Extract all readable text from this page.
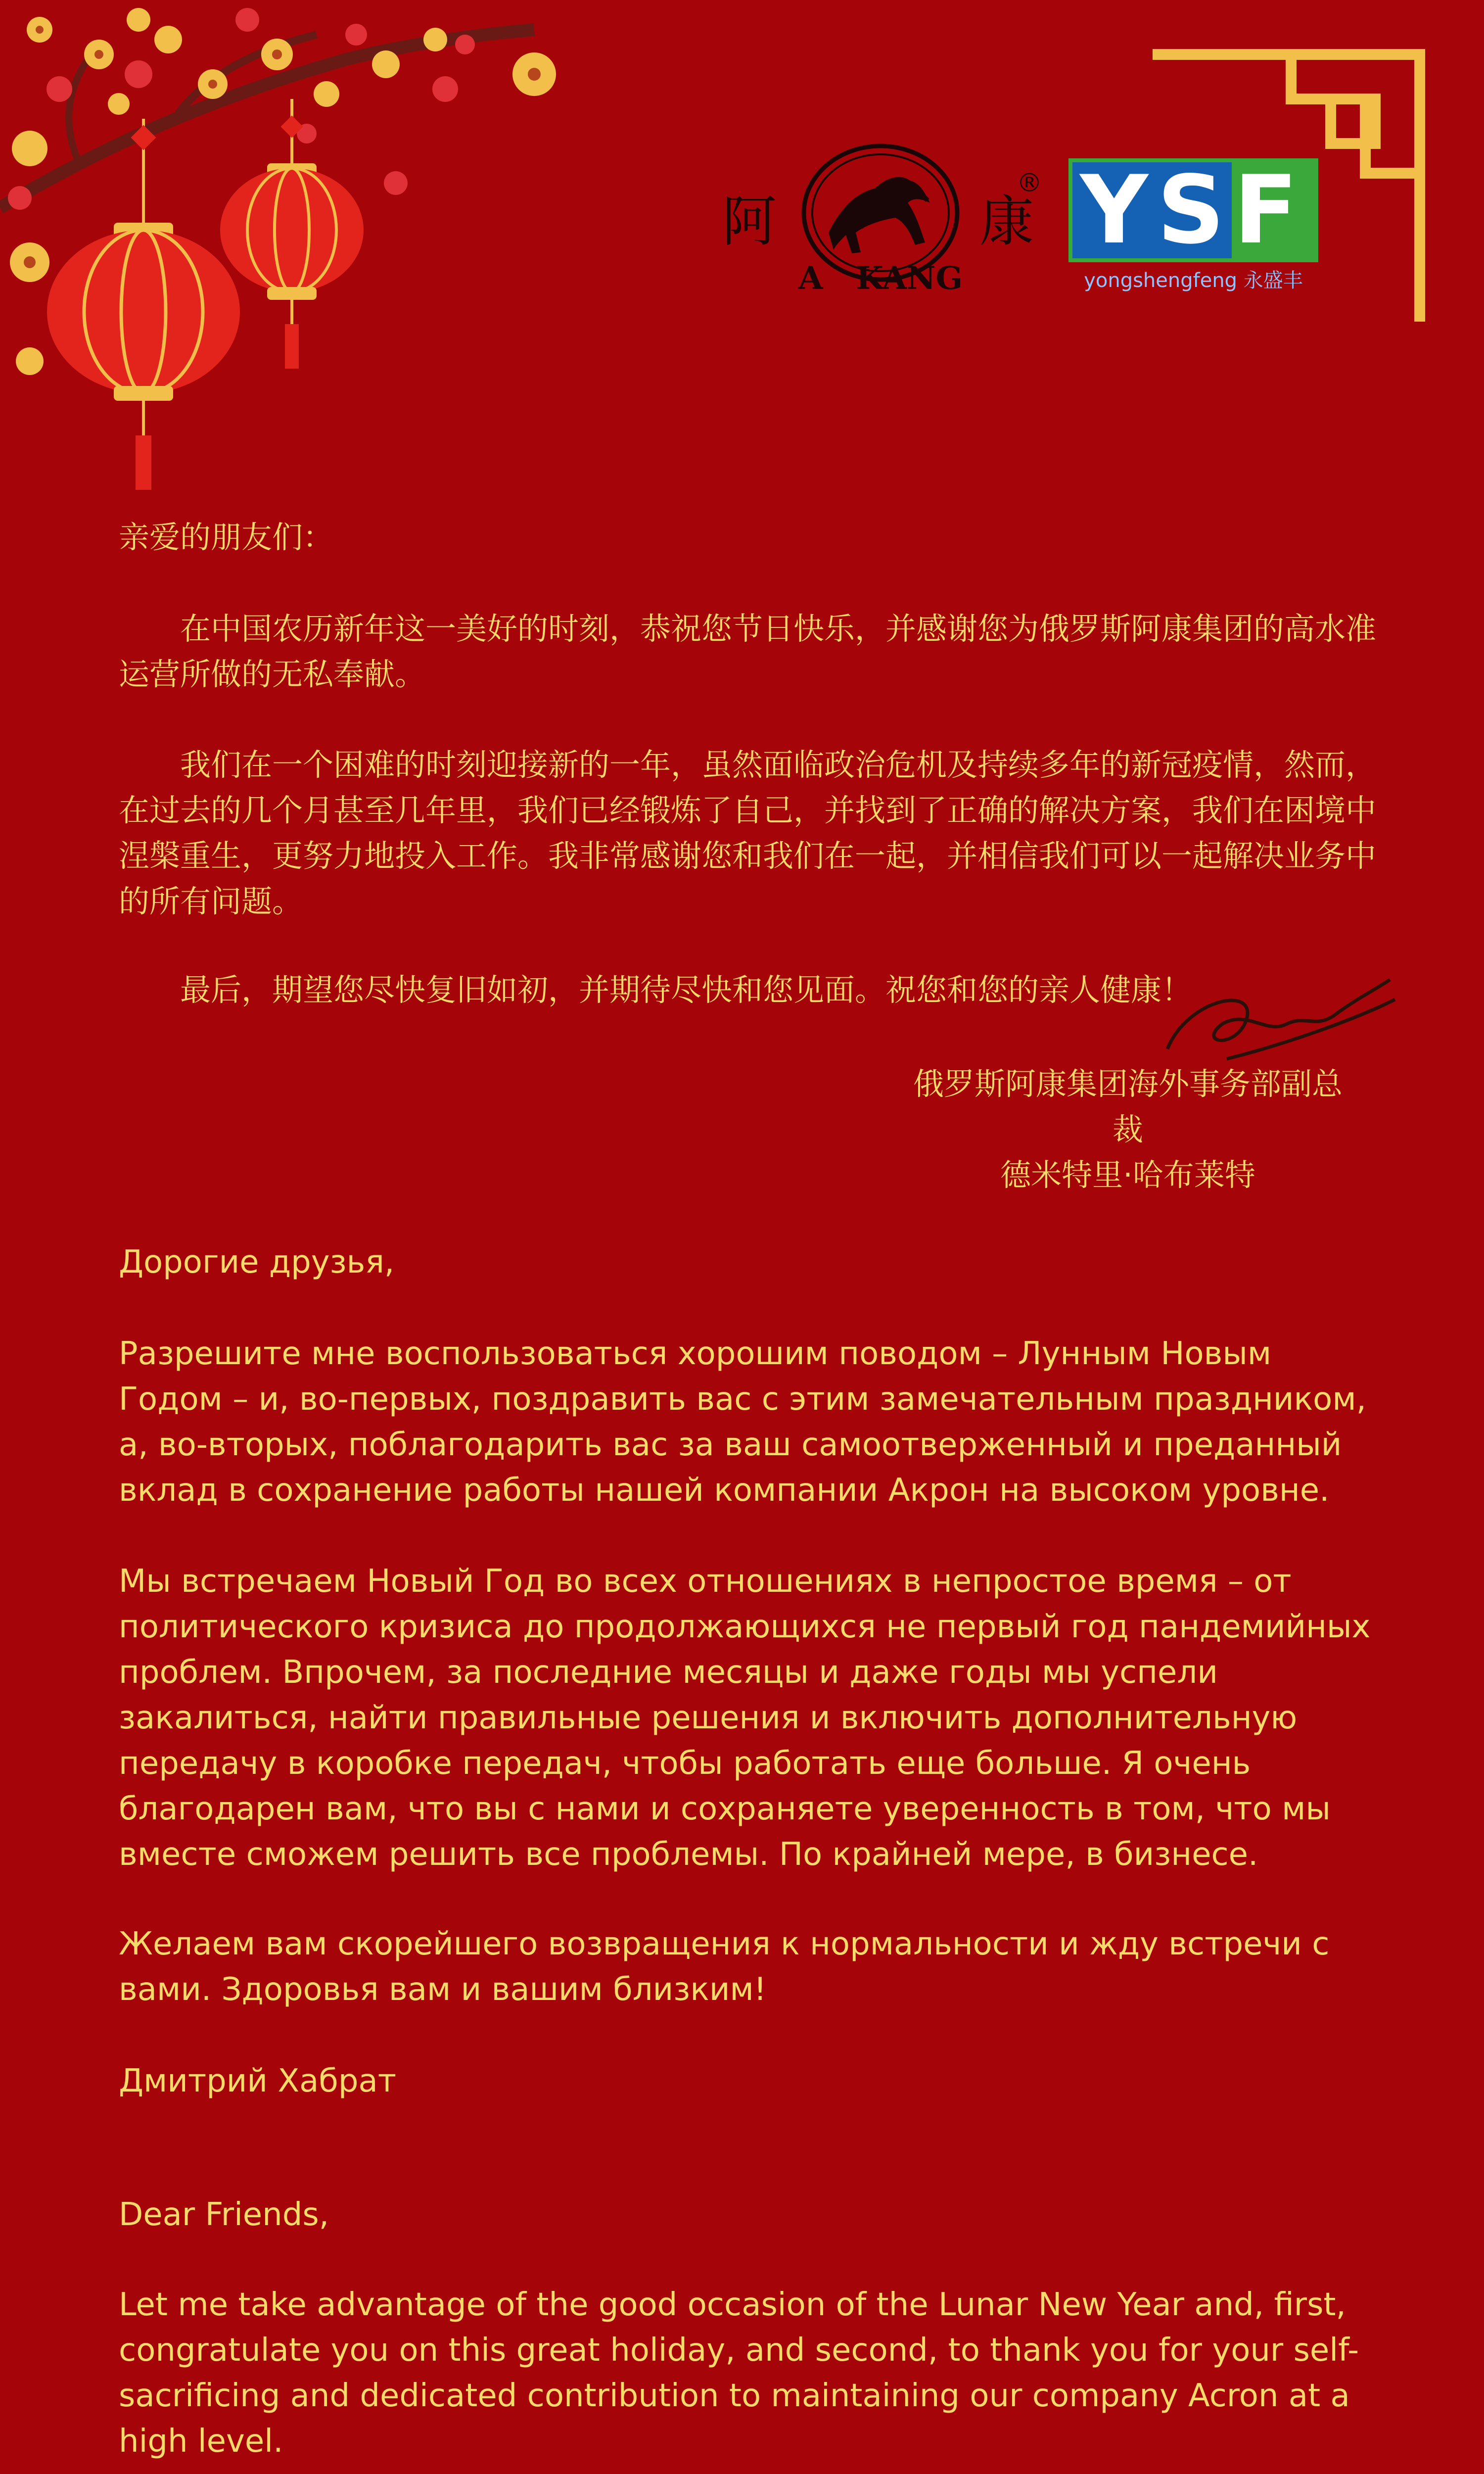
阿	康
A   KANG
® YSF
yongshengfeng 永盛丰

亲爱的朋友们：

在中国农历新年这一美好的时刻，恭祝您节日快乐，并感谢您为俄罗斯阿康集团的高水准运营所做的无私奉献。

我们在一个困难的时刻迎接新的一年，虽然面临政治危机及持续多年的新冠疫情，然而，在过去的几个月甚至几年里，我们已经锻炼了自己，并找到了正确的解决方案，我们在困境中涅槃重生，更努力地投入工作。我非常感谢您和我们在一起，并相信我们可以一起解决业务中的所有问题。

最后，期望您尽快复旧如初，并期待尽快和您见面。祝您和您的亲人健康！

俄罗斯阿康集团海外事务部副总裁

德米特里·哈布莱特

Дорогие друзья,

Разрешите мне воспользоваться хорошим поводом – Лунным Новым Годом – и, во-первых, поздравить вас с этим замечательным праздником, а, во-вторых, поблагодарить вас за ваш самоотверженный и преданный вклад в сохранение работы нашей компании Акрон на высоком уровне.

Мы встречаем Новый Год во всех отношениях в непростое время – от политического кризиса до продолжающихся не первый год пандемийных проблем. Впрочем, за последние месяцы и даже годы мы успели закалиться, найти правильные решения и включить дополнительную передачу в коробке передач, чтобы работать еще больше. Я очень благодарен вам, что вы с нами и сохраняете уверенность в том, что мы вместе сможем решить все проблемы. По крайней мере, в бизнесе.

Желаем вам скорейшего возвращения к нормальности и жду встречи с вами. Здоровья вам и вашим близким!

Дмитрий Хабрат

Dear Friends,

Let me take advantage of the good occasion of the Lunar New Year and, first, congratulate you on this great holiday, and second, to thank you for your self-sacrificing and dedicated contribution to maintaining our company Acron at a high level.
